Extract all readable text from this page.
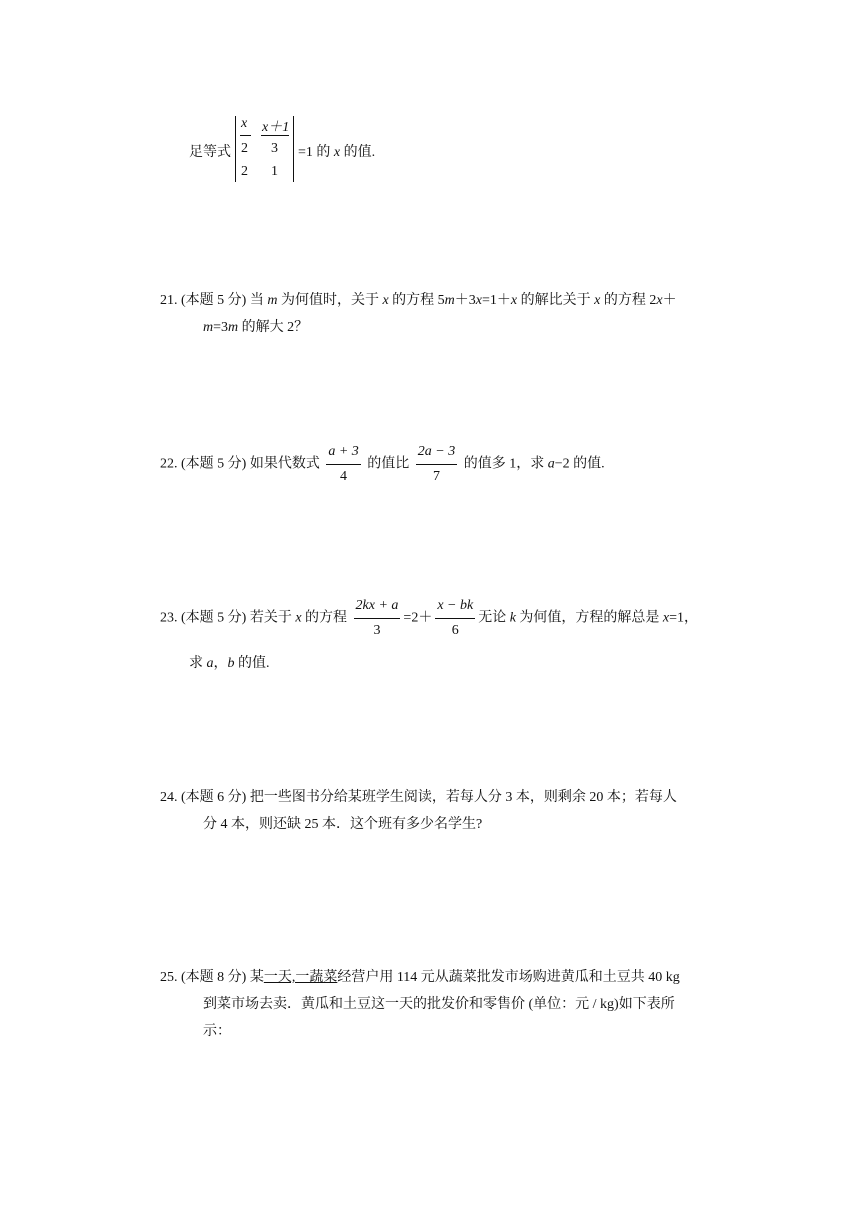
足等式
x x＋1
2 3
2 1
=1 的 x 的值.
21. (本题 5 分) 当 m 为何值时，关于 x 的方程 5m＋3x=1＋x 的解比关于 x 的方程 2x＋
m=3m 的解大 2？
22. (本题 5 分) 如果代数式 $\frac{a + 3}{4}$ 的值比 $\frac{2a - 3}{7}$ 的值多 1，求 a−2 的值.
23. (本题 5 分) 若关于 x 的方程 $\frac{2kx + a}{3} =2+ \frac{x - bk}{6}$ 无论 k 为何值，方程的解总是 x=1，
求 a，b 的值.
24. (本题 6 分) 把一些图书分给某班学生阅读，若每人分 3 本，则剩余 20 本；若每人
分 4 本，则还缺 25 本．这个班有多少名学生?
25. (本题 8 分) 某一天,一蔬菜经营户用 114 元从蔬菜批发市场购进黄瓜和土豆共 40 kg
到菜市场去卖．黄瓜和土豆这一天的批发价和零售价 (单位：元 / kg)如下表所
示：
